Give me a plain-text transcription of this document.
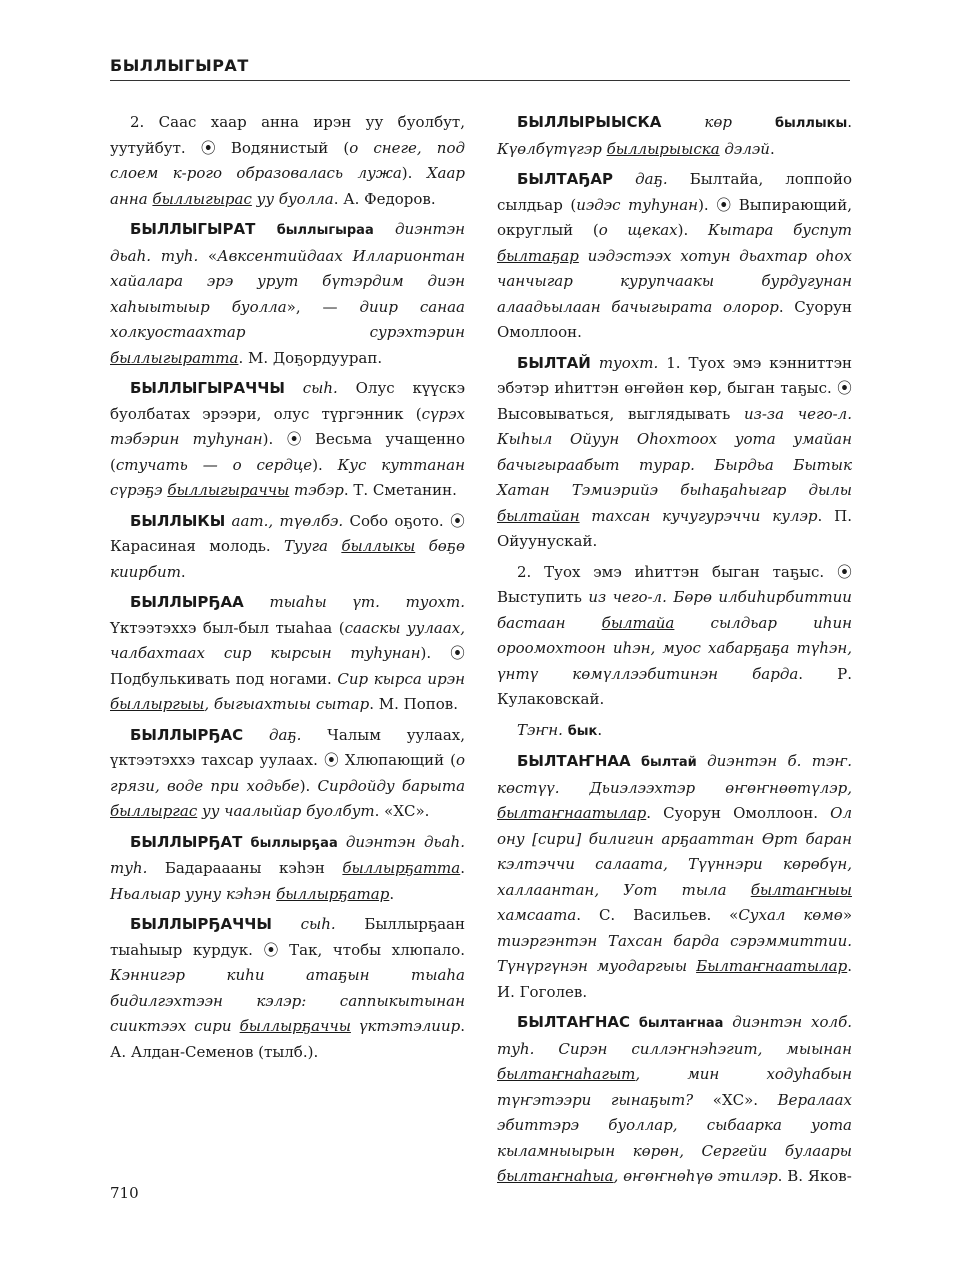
БЫЛЛЫГЫРАТ

2. Саас хаар анна ирэн уу буолбут, уутуйбут. ⦿ Водянистый (о снеге, под слоем к-рого образовалась лужа). Хаар анна быллыгырас уу буолла. А. Федоров.

БЫЛЛЫГЫРАТ быллыгыраа диэнтэн дьаһ. туһ. «Авксентийдаах Илларионтан хайалара эрэ урут бүтэрдим диэн хаһыытыыр буолла», — диир санаа холкуостаахтар сурэхтэрин быллыгыратта. М. Доҕордуурап.

БЫЛЛЫГЫРАЧЧЫ сыһ. Олус күүскэ буолбатах эрээри, олус түргэнник (сүрэх тэбэрин туһунан). ⦿ Весьма учащенно (стучать — о сердце). Кус куттанан сүрэҕэ быллыгыраччы тэбэр. Т. Сметанин.

БЫЛЛЫКЫ аат., түөлбэ. Собо оҕото. ⦿ Карасиная молодь. Тууга быллыкы бөҕө киирбит.

БЫЛЛЫРҔАА тыаһы үт. туохт. Үктээтэххэ был-был тыаһаа (сааскы уулаах, чалбахтаах сир кырсын туһунан). ⦿ Подбулькивать под ногами. Сир кырса ирэн быллыргыы, быгыахтыы сытар. М. Попов.

БЫЛЛЫРҔАС даҕ. Чалым уулаах, үктээтэххэ тахсар уулаах. ⦿ Хлюпающий (о грязи, воде при ходьбе). Сирдойду барыта быллыргас уу чаалыйар буолбут. «ХС».

БЫЛЛЫРҔАТ быллырҕаа диэнтэн дьаһ. туһ. Бадараааны кэһэн быллырҕатта. Ньалыар ууну кэһэн быллырҕатар.

БЫЛЛЫРҔАЧЧЫ сыһ. Быллырҕаан тыаһыыр курдук. ⦿ Так, чтобы хлюпало. Кэннигэр киһи атаҕын тыаһа бидилгэхтээн кэлэр: саппыкытынан сииктээх сири быллырҕаччы үктэтэлиир. А. Алдан-Семенов (тылб.).

БЫЛЛЫРЫЫСКА	көр	быллыкы. Күөлбүтүгэр быллырыыска дэлэй.

БЫЛТАҔАР даҕ. Былтайа, лоппойо сылдьар (иэдэс туһунан). ⦿ Выпирающий, округлый (о щеках). Кытара буспут былтаҕар иэдэстээх хотун дьахтар оһох чанчыгар курупчаакы бурдугунан алаадьылаан бачыгырата олорор. Суорун Омоллоон.

БЫЛТАЙ туохт. 1. Туох эмэ кэнниттэн эбэтэр иһиттэн өҥөйөн көр, быган таҕыс. ⦿ Высовываться, выглядывать из-за чего-л. Кыһыл Ойуун Оһохтоох уота умайан бачыгыраабыт турар. Бырдьа Бытык Хатан Тэмиэрийэ быһаҕаһыгар дылы былтайан тахсан кучугурэччи кулэр. П. Ойуунускай.

2. Туох эмэ иһиттэн быган таҕыс. ⦿ Выступить из чего-л. Бөрө илбиһирбиттии бастаан былтайа сылдьар иһин ороомохтоон иһэн, муос хабарҕаҕа түһэн, үнтү көмүллээбитинэн барда. Р. Кулаковскай.

Тэҥн. бык.

БЫЛТАҤНАА былтай диэнтэн б. тэҥ. көстүү. Дьиэлээхтэр өҥөҥнөөтүлэр, былтаҥнаатылар. Суорун Омоллоон. Ол ону [сири] билигин арҕааттан Өрт баран кэлтэччи салаата, Түүннэри көрөбүн, халлаантан, Уот тыла былтаҥныы хамсаата. С. Васильев. «Сухал көмө» тиэргэнтэн Тахсан барда сэрэммиттии. Түнүргүнэн муодаргыы Былтаҥнаатылар. И. Гоголев.

БЫЛТАҤНАС былтаҥнаа диэнтэн холб. туһ. Сирэн силлэҥнэһэгит, мыынан былтаҥнаһагыт, мин ходуһабын түҥэтээри гынаҕыт? «ХС». Вералаах эбиттэрэ буоллар, сыбаарка уота кыламныырын көрөн, Сергейи булаары былтаҥнаһыа, өҥөҥнөһүө этилэр. В. Яков-

710
